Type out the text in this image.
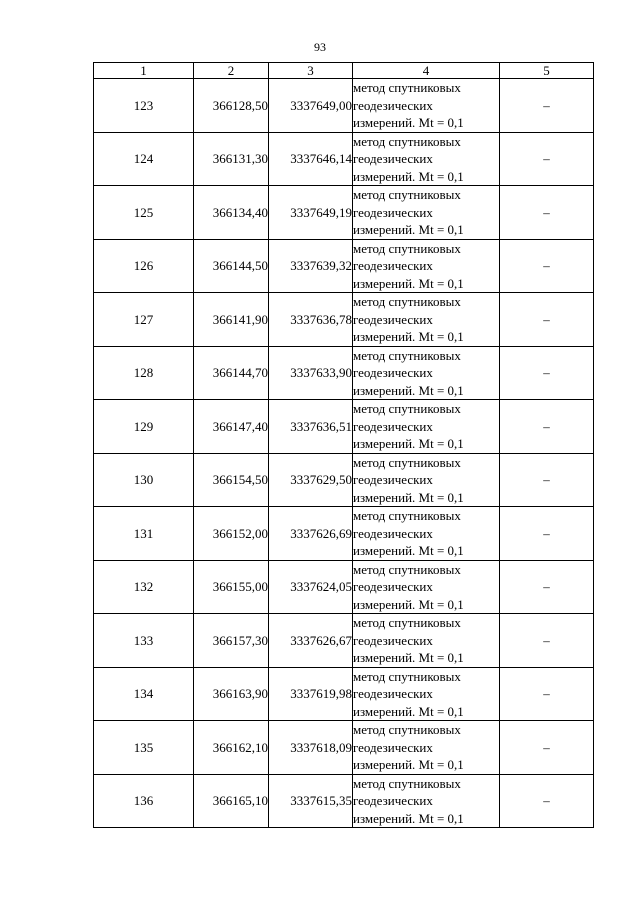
93
1	2	3	4	5
123	366128,50	3337649,00	метод спутниковых
геодезических
измерений. Mt = 0,1	–
124	366131,30	3337646,14	метод спутниковых
геодезических
измерений. Mt = 0,1	–
125	366134,40	3337649,19	метод спутниковых
геодезических
измерений. Mt = 0,1	–
126	366144,50	3337639,32	метод спутниковых
геодезических
измерений. Mt = 0,1	–
127	366141,90	3337636,78	метод спутниковых
геодезических
измерений. Mt = 0,1	–
128	366144,70	3337633,90	метод спутниковых
геодезических
измерений. Mt = 0,1	–
129	366147,40	3337636,51	метод спутниковых
геодезических
измерений. Mt = 0,1	–
130	366154,50	3337629,50	метод спутниковых
геодезических
измерений. Mt = 0,1	–
131	366152,00	3337626,69	метод спутниковых
геодезических
измерений. Mt = 0,1	–
132	366155,00	3337624,05	метод спутниковых
геодезических
измерений. Mt = 0,1	–
133	366157,30	3337626,67	метод спутниковых
геодезических
измерений. Mt = 0,1	–
134	366163,90	3337619,98	метод спутниковых
геодезических
измерений. Mt = 0,1	–
135	366162,10	3337618,09	метод спутниковых
геодезических
измерений. Mt = 0,1	–
136	366165,10	3337615,35	метод спутниковых
геодезических
измерений. Mt = 0,1	–
